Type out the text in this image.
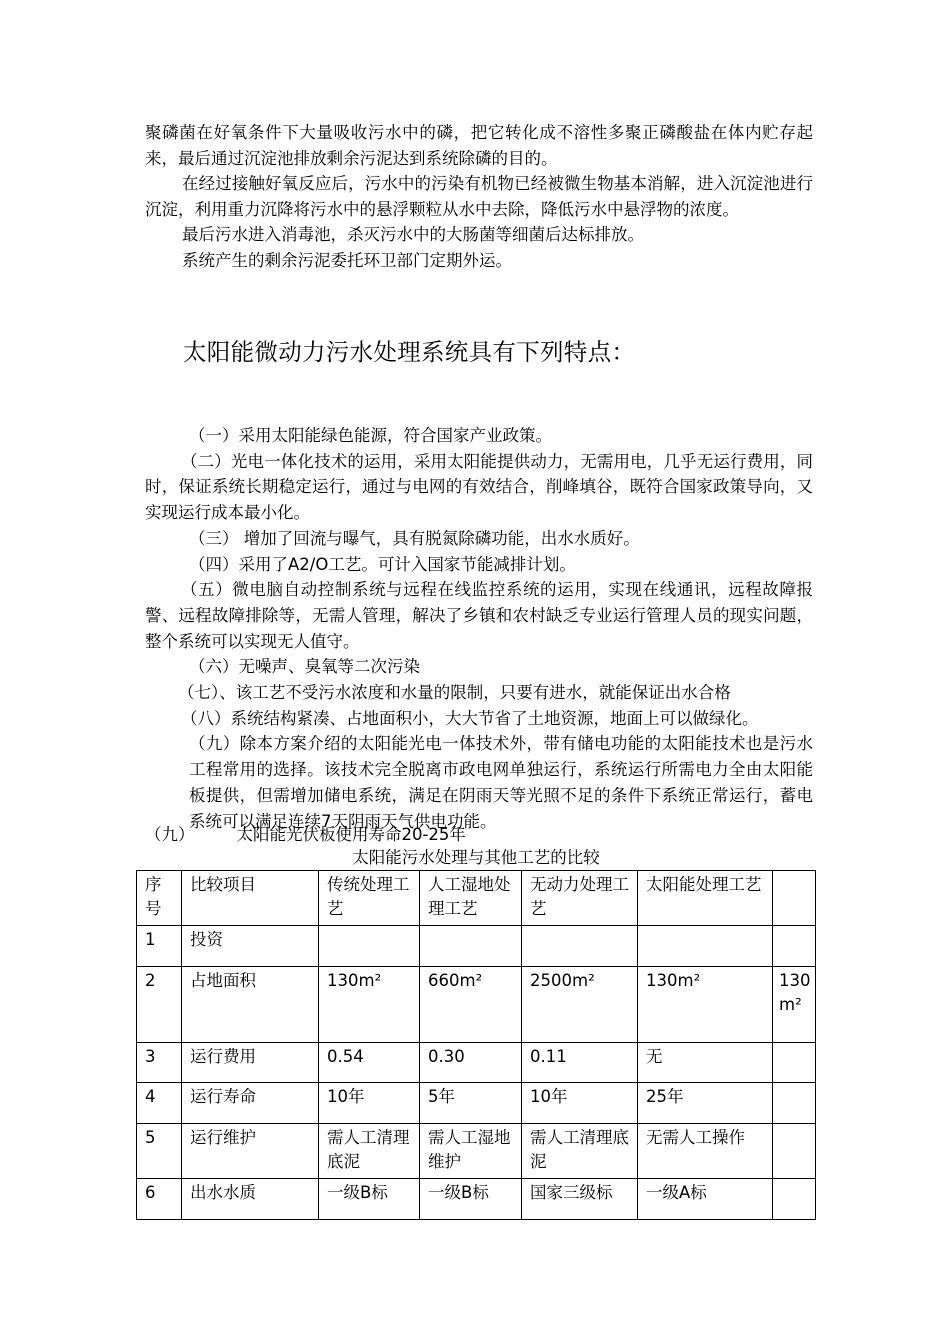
聚磷菌在好氧条件下大量吸收污水中的磷，把它转化成不溶性多聚正磷酸盐在体内贮存起来，最后通过沉淀池排放剩余污泥达到系统除磷的目的。

在经过接触好氧反应后，污水中的污染有机物已经被微生物基本消解，进入沉淀池进行沉淀，利用重力沉降将污水中的悬浮颗粒从水中去除，降低污水中悬浮物的浓度。

最后污水进入消毒池，杀灭污水中的大肠菌等细菌后达标排放。

系统产生的剩余污泥委托环卫部门定期外运。

太阳能微动力污水处理系统具有下列特点：

（一）采用太阳能绿色能源，符合国家产业政策。

（二）光电一体化技术的运用，采用太阳能提供动力，无需用电，几乎无运行费用，同时，保证系统长期稳定运行，通过与电网的有效结合，削峰填谷，既符合国家政策导向，又实现运行成本最小化。

（三） 增加了回流与曝气，具有脱氮除磷功能，出水水质好。

（四）采用了A2/O工艺。可计入国家节能减排计划。

（五）微电脑自动控制系统与远程在线监控系统的运用，实现在线通讯，远程故障报警、远程故障排除等，无需人管理，解决了乡镇和农村缺乏专业运行管理人员的现实问题，整个系统可以实现无人值守。

（六）无噪声、臭氧等二次污染

（七）、该工艺不受污水浓度和水量的限制，只要有进水，就能保证出水合格

（八）系统结构紧凑、占地面积小，大大节省了土地资源，地面上可以做绿化。

（九）除本方案介绍的太阳能光电一体技术外，带有储电功能的太阳能技术也是污水工程常用的选择。该技术完全脱离市政电网单独运行，系统运行所需电力全由太阳能板提供，但需增加储电系统，满足在阴雨天等光照不足的条件下系统正常运行，蓄电系统可以满足连续7天阴雨天气供电功能。

（九）	太阳能光伏板使用寿命20-25年
太阳能污水处理与其他工艺的比较
序号	比较项目	传统处理工艺	人工湿地处理工艺	无动力处理工艺	太阳能处理工艺	
1	投资					
2	占地面积	130m²	660m²	2500m²	130m²	130m²
3	运行费用	0.54	0.30	0.11	无	
4	运行寿命	10年	5年	10年	25年	
5	运行维护	需人工清理底泥	需人工湿地维护	需人工清理底泥	无需人工操作	
6	出水水质	一级B标	一级B标	国家三级标	一级A标	
